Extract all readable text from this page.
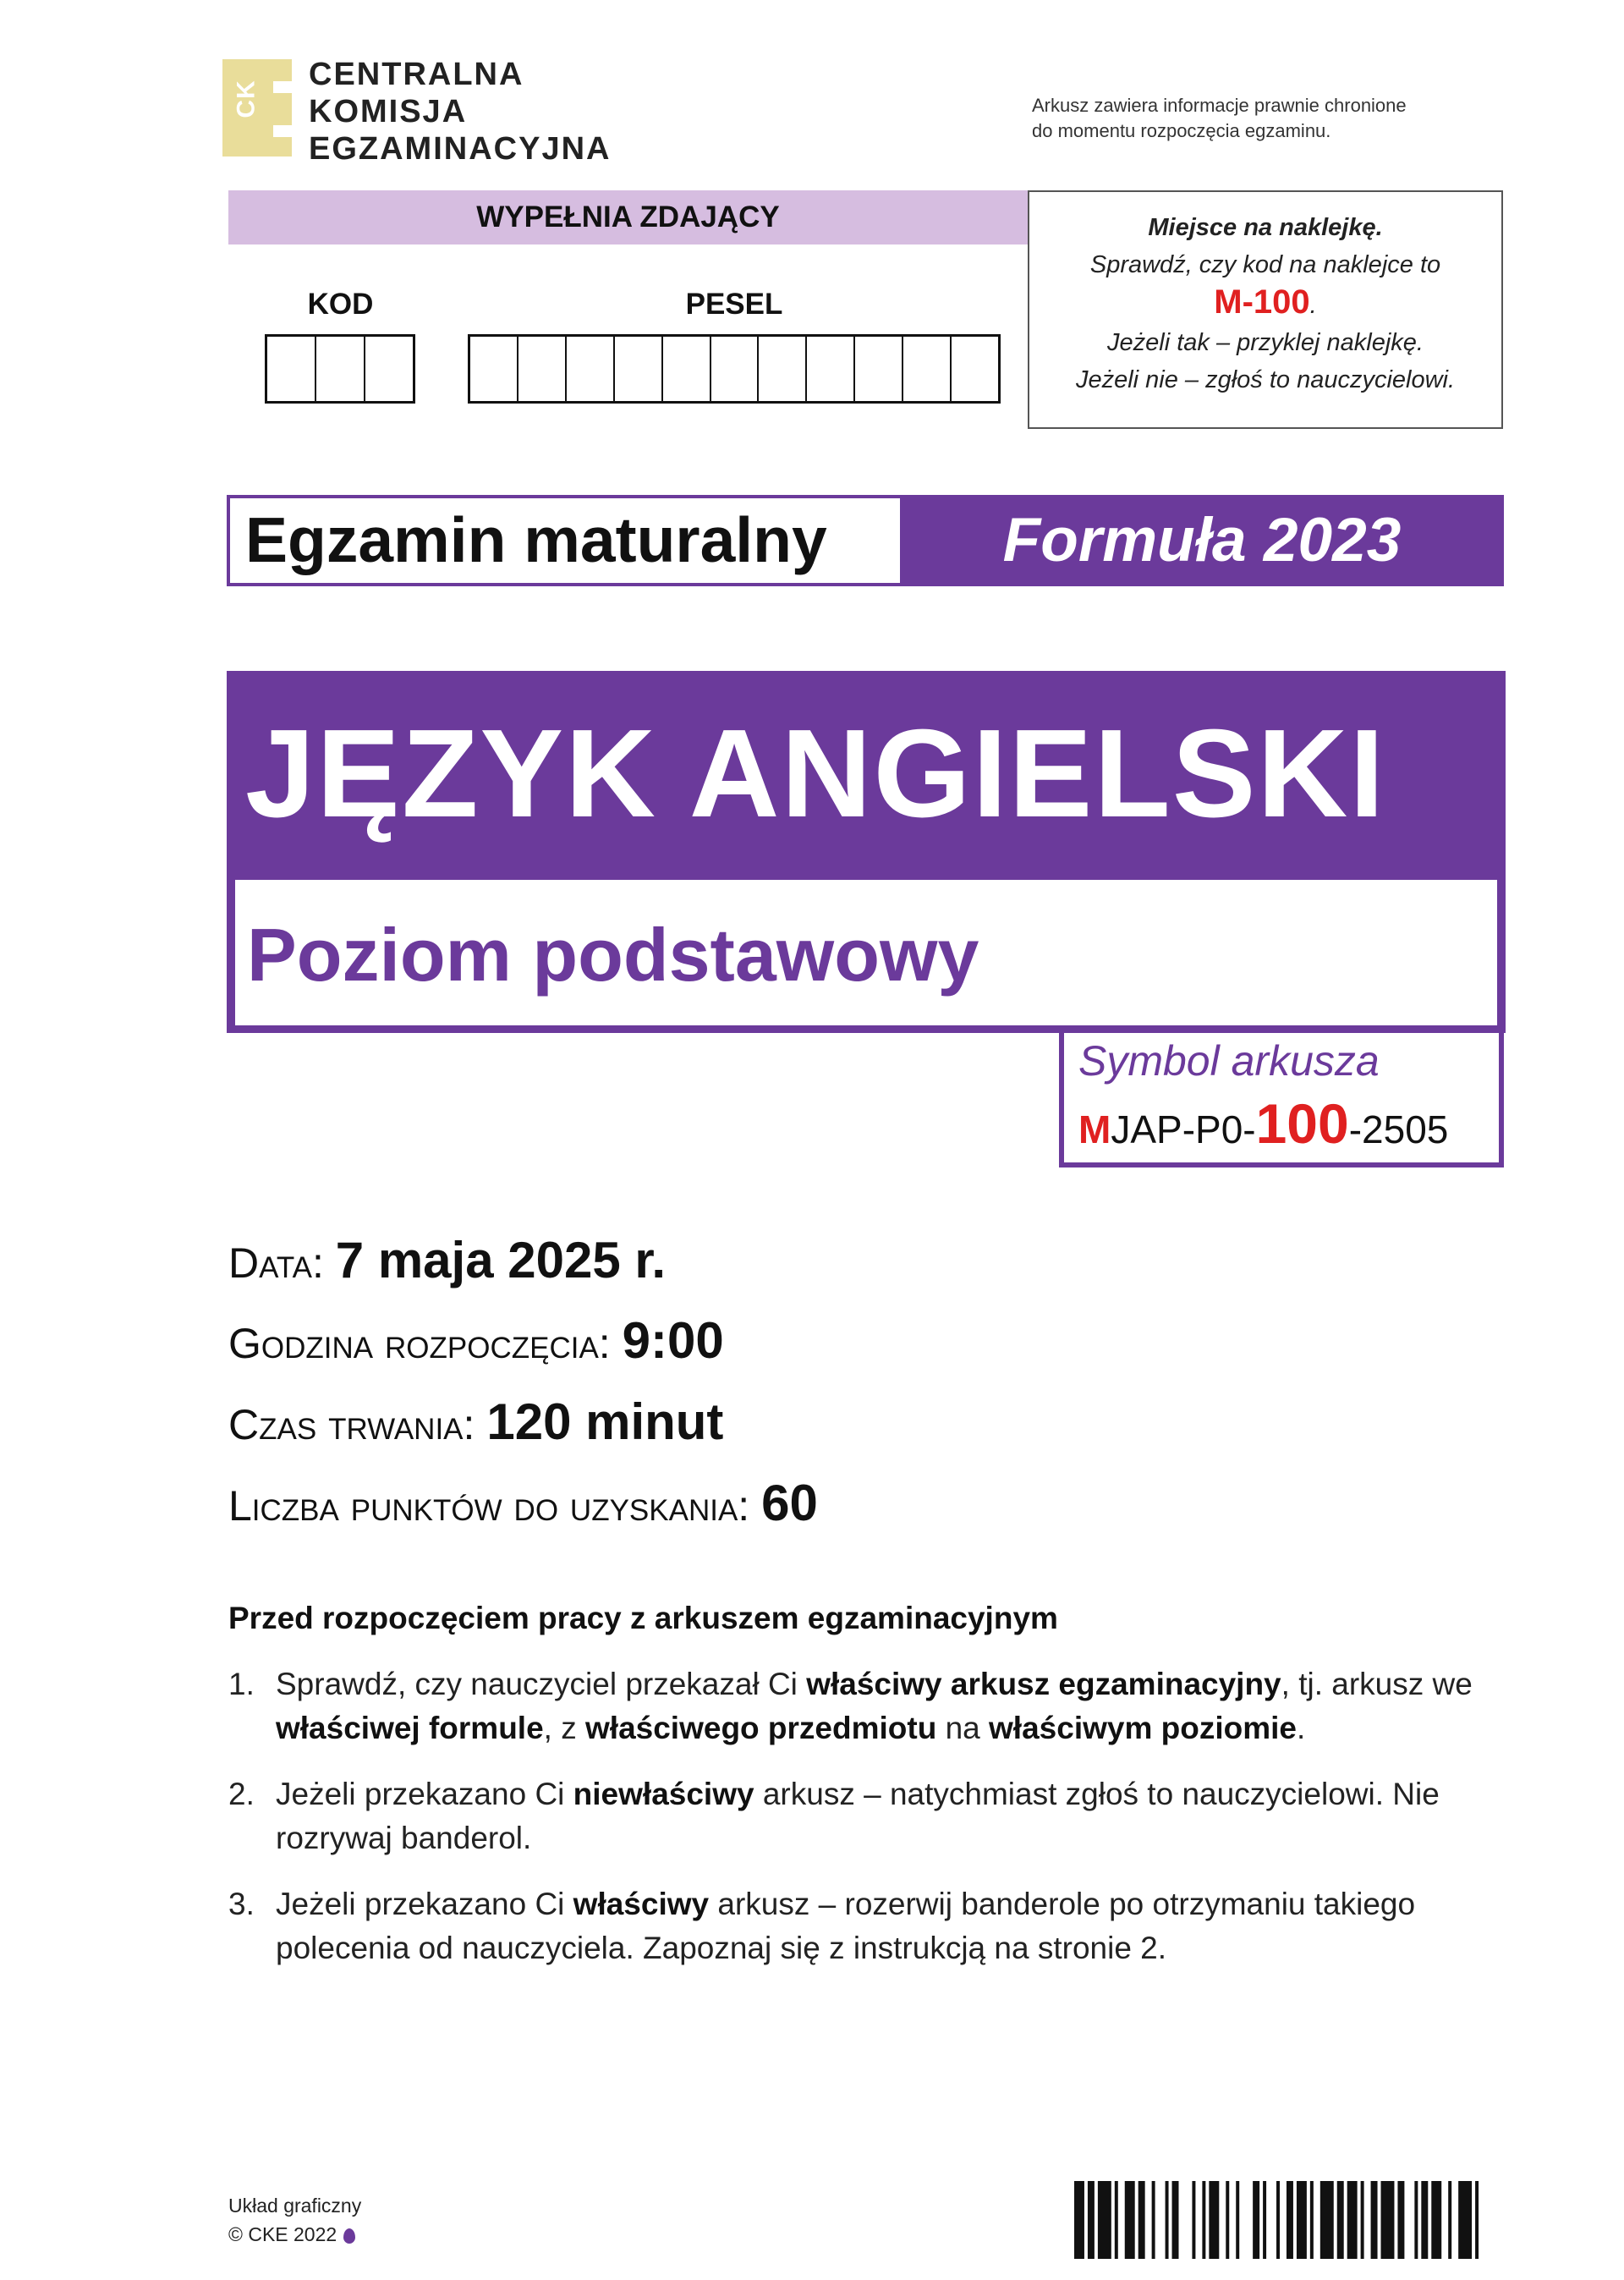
CK
CENTRALNA
KOMISJA
EGZAMINACYJNA
Arkusz zawiera informacje prawnie chronione
do momentu rozpoczęcia egzaminu.
WYPEŁNIA ZDAJĄCY
KOD	PESEL
Miejsce na naklejkę.
Sprawdź, czy kod na naklejce to
M-100.
Jeżeli tak – przyklej naklejkę.
Jeżeli nie – zgłoś to nauczycielowi.
Egzamin maturalny	Formuła 2023
JĘZYK ANGIELSKI
Poziom podstawowy
Symbol arkusza
MJAP-P0-100-2505
Data: 7 maja 2025 r.
Godzina rozpoczęcia: 9:00
Czas trwania: 120 minut
Liczba punktów do uzyskania: 60
Przed rozpoczęciem pracy z arkuszem egzaminacyjnym
1. Sprawdź, czy nauczyciel przekazał Ci właściwy arkusz egzaminacyjny, tj. arkusz we właściwej formule, z właściwego przedmiotu na właściwym poziomie.
2. Jeżeli przekazano Ci niewłaściwy arkusz – natychmiast zgłoś to nauczycielowi. Nie rozrywaj banderol.
3. Jeżeli przekazano Ci właściwy arkusz – rozerwij banderole po otrzymaniu takiego polecenia od nauczyciela. Zapoznaj się z instrukcją na stronie 2.
Układ graficzny
© CKE 2022
